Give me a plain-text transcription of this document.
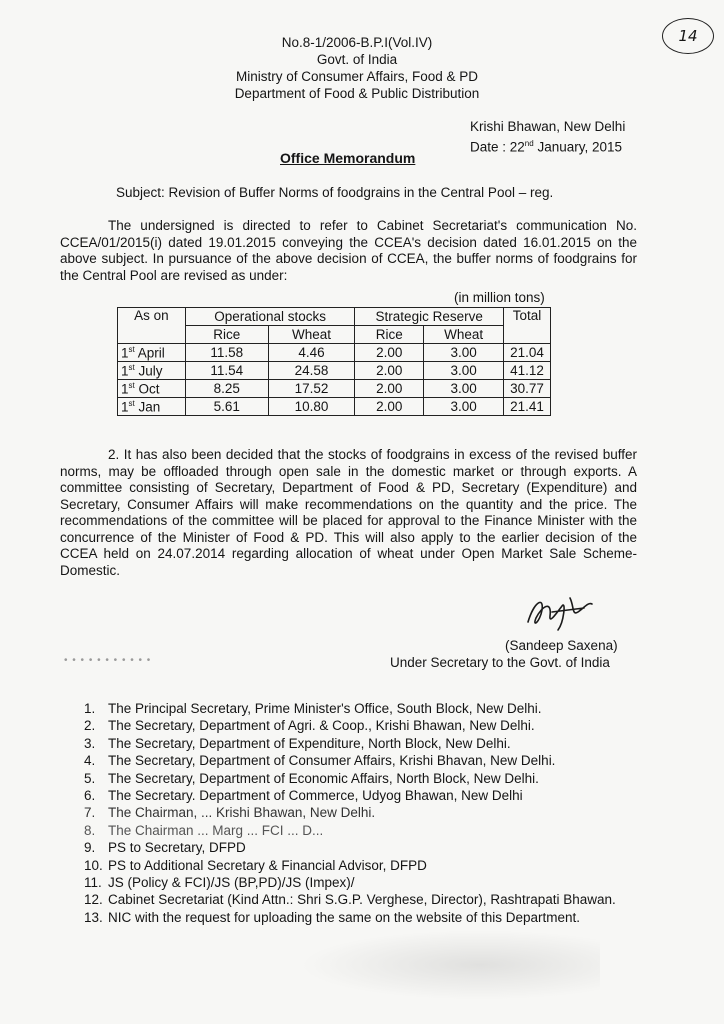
14
No.8-1/2006-B.P.I(Vol.IV)
Govt. of India
Ministry of Consumer Affairs, Food & PD
Department of Food & Public Distribution
Krishi Bhawan, New Delhi
Date : 22nd January, 2015
Office Memorandum
Subject: Revision of Buffer Norms of foodgrains in the Central Pool – reg.
The undersigned is directed to refer to Cabinet Secretariat's communication No. CCEA/01/2015(i) dated 19.01.2015 conveying the CCEA's decision dated 16.01.2015 on the above subject. In pursuance of the above decision of CCEA, the buffer norms of foodgrains for the Central Pool are revised as under:
(in million tons)
As on	Operational stocks		Strategic Reserve		Total
	Rice	Wheat	Rice	Wheat	
1st April	11.58	4.46	2.00	3.00	21.04
1st July	11.54	24.58	2.00	3.00	41.12
1st Oct	8.25	17.52	2.00	3.00	30.77
1st Jan	5.61	10.80	2.00	3.00	21.41
2. It has also been decided that the stocks of foodgrains in excess of the revised buffer norms, may be offloaded through open sale in the domestic market or through exports. A committee consisting of Secretary, Department of Food & PD, Secretary (Expenditure) and Secretary, Consumer Affairs will make recommendations on the quantity and the price. The recommendations of the committee will be placed for approval to the Finance Minister with the concurrence of the Minister of Food & PD. This will also apply to the earlier decision of the CCEA held on 24.07.2014 regarding allocation of wheat under Open Market Sale Scheme-Domestic.
(Sandeep Saxena)
Under Secretary to the Govt. of India
• • • • • • • • • • •
1. The Principal Secretary, Prime Minister's Office, South Block, New Delhi.
2. The Secretary, Department of Agri. & Coop., Krishi Bhawan, New Delhi.
3. The Secretary, Department of Expenditure, North Block, New Delhi.
4. The Secretary, Department of Consumer Affairs, Krishi Bhavan, New Delhi.
5. The Secretary, Department of Economic Affairs, North Block, New Delhi.
6. The Secretary. Department of Commerce, Udyog Bhawan, New Delhi
7. The Chairman, ... Krishi Bhawan, New Delhi.
8. The Chairman ... Marg ... FCI ... D...
9. PS to Secretary, DFPD
10. PS to Additional Secretary & Financial Advisor, DFPD
11. JS (Policy & FCI)/JS (BP,PD)/JS (Impex)/
12. Cabinet Secretariat (Kind Attn.: Shri S.G.P. Verghese, Director), Rashtrapati Bhawan.
13. NIC with the request for uploading the same on the website of this Department.
